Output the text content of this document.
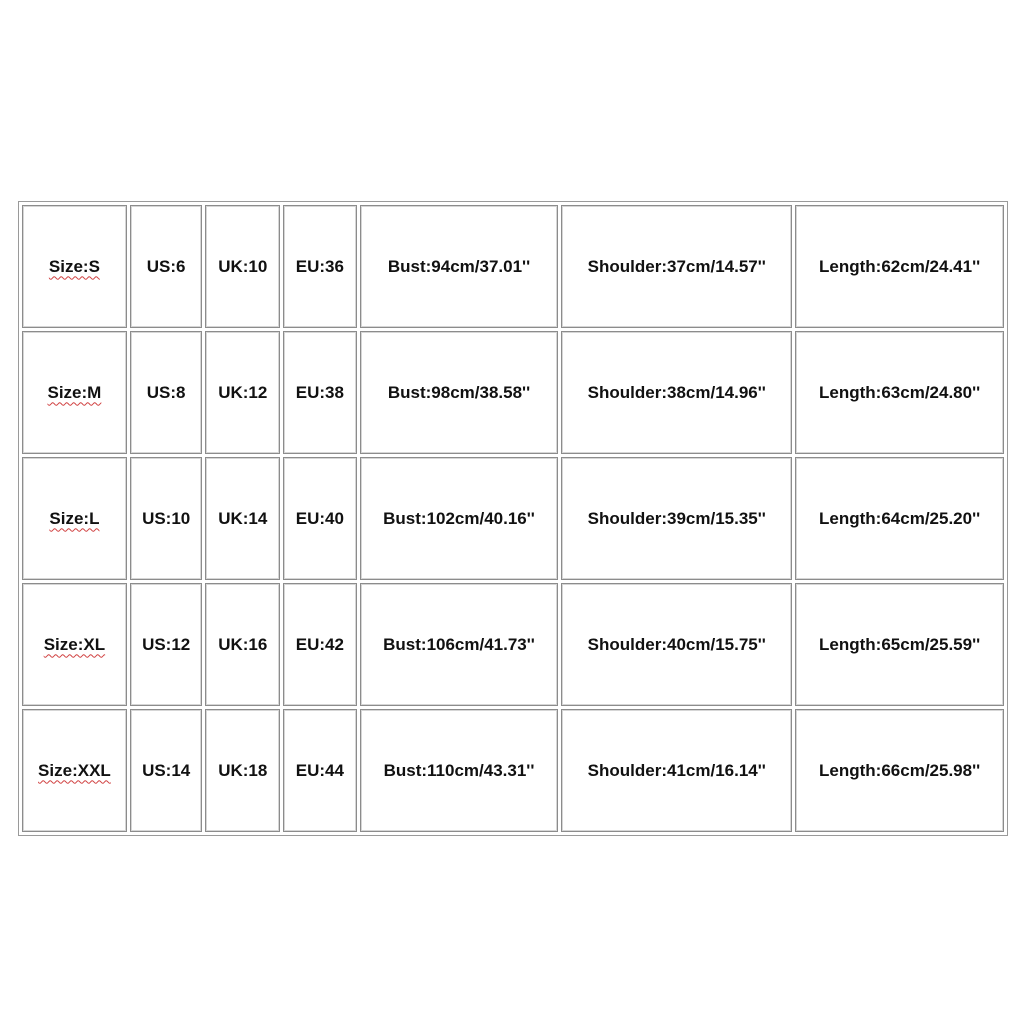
Size:S	US:6	UK:10	EU:36	Bust:94cm/37.01''	Shoulder:37cm/14.57''	Length:62cm/24.41''
Size:M	US:8	UK:12	EU:38	Bust:98cm/38.58''	Shoulder:38cm/14.96''	Length:63cm/24.80''
Size:L	US:10	UK:14	EU:40	Bust:102cm/40.16''	Shoulder:39cm/15.35''	Length:64cm/25.20''
Size:XL	US:12	UK:16	EU:42	Bust:106cm/41.73''	Shoulder:40cm/15.75''	Length:65cm/25.59''
Size:XXL	US:14	UK:18	EU:44	Bust:110cm/43.31''	Shoulder:41cm/16.14''	Length:66cm/25.98''
